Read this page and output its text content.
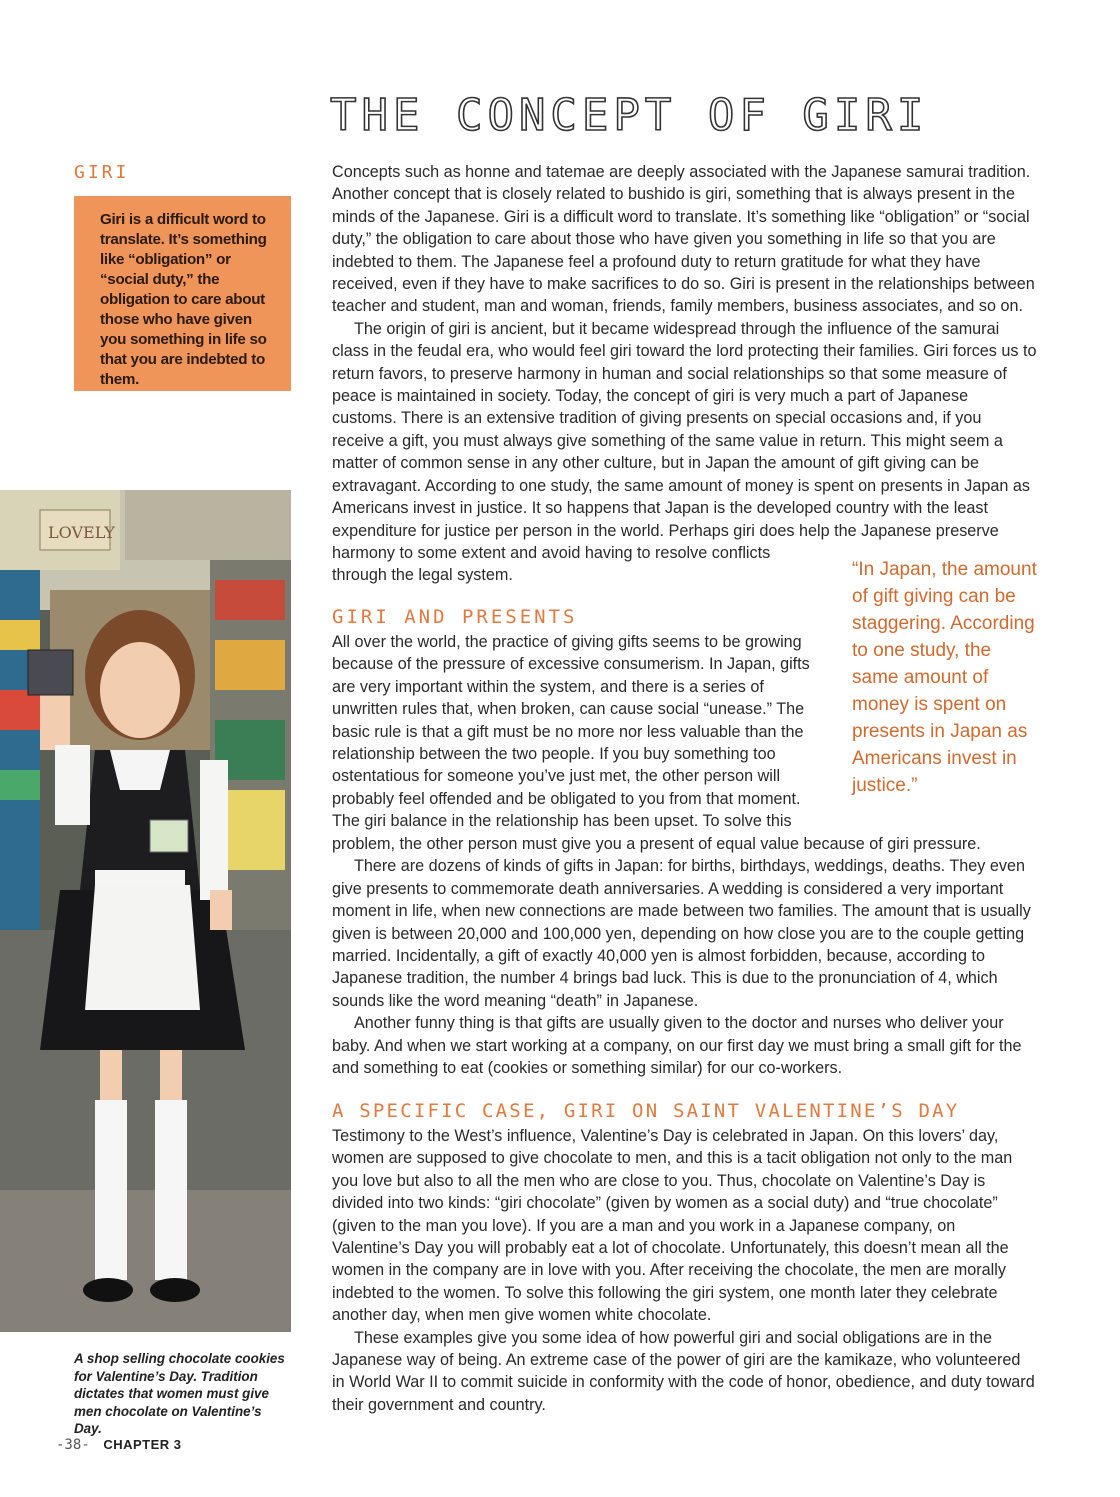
THE CONCEPT OF GIRI
GIRI

Giri is a difficult word to translate. It’s something like “obligation” or “social duty,” the obligation to care about those who have given you something in life so that you are indebted to them.

LOVELY

A shop selling chocolate cookies for Valentine’s Day. Tradition dictates that women must give men chocolate on Valentine’s Day.

Concepts such as honne and tatemae are deeply associated with the Japanese samurai tradition. Another concept that is closely related to bushido is giri, something that is always present in the minds of the Japanese. Giri is a difficult word to translate. It’s something like “obligation” or “social duty,” the obligation to care about those who have given you something in life so that you are indebted to them. The Japanese feel a profound duty to return gratitude for what they have received, even if they have to make sacrifices to do so. Giri is present in the relationships between teacher and student, man and woman, friends, family members, business associates, and so on.

The origin of giri is ancient, but it became widespread through the influence of the samurai class in the feudal era, who would feel giri toward the lord protecting their families. Giri forces us to return favors, to preserve harmony in human and social relationships so that some measure of peace is maintained in society. Today, the concept of giri is very much a part of Japanese customs. There is an extensive tradition of giving presents on special occasions and, if you receive a gift, you must always give something of the same value in return. This might seem a matter of common sense in any other culture, but in Japan the amount of gift giving can be extravagant. According to one study, the same amount of money is spent on presents in Japan as Americans invest in justice. It so happens that Japan is the developed country with the least expenditure for justice per person in the world. Perhaps giri does help the Japanese preserve

harmony to some extent and avoid having to resolve conflicts through the legal system.

GIRI AND PRESENTS

All over the world, the practice of giving gifts seems to be growing because of the pressure of excessive consumerism. In Japan, gifts are very important within the system, and there is a series of unwritten rules that, when broken, can cause social “unease.” The basic rule is that a gift must be no more nor less valuable than the relationship between the two people. If you buy something too ostentatious for someone you’ve just met, the other person will probably feel offended and be obligated to you from that moment. The giri balance in the relationship has been upset. To solve this

problem, the other person must give you a present of equal value because of giri pressure.

There are dozens of kinds of gifts in Japan: for births, birthdays, weddings, deaths. They even give presents to commemorate death anniversaries. A wedding is considered a very important moment in life, when new connections are made between two families. The amount that is usually given is between 20,000 and 100,000 yen, depending on how close you are to the couple getting married. Incidentally, a gift of exactly 40,000 yen is almost forbidden, because, according to Japanese tradition, the number 4 brings bad luck. This is due to the pronunciation of 4, which sounds like the word meaning “death” in Japanese.

Another funny thing is that gifts are usually given to the doctor and nurses who deliver your baby. And when we start working at a company, on our first day we must bring a small gift for the and something to eat (cookies or something similar) for our co-workers.

A SPECIFIC CASE, GIRI ON SAINT VALENTINE’S DAY

Testimony to the West’s influence, Valentine’s Day is celebrated in Japan. On this lovers’ day, women are supposed to give chocolate to men, and this is a tacit obligation not only to the man you love but also to all the men who are close to you. Thus, chocolate on Valentine’s Day is divided into two kinds: “giri chocolate” (given by women as a social duty) and “true chocolate” (given to the man you love). If you are a man and you work in a Japanese company, on Valentine’s Day you will probably eat a lot of chocolate. Unfortunately, this doesn’t mean all the women in the company are in love with you. After receiving the chocolate, the men are morally indebted to the women. To solve this following the giri system, one month later they celebrate another day, when men give women white chocolate.

These examples give you some idea of how powerful giri and social obligations are in the Japanese way of being. An extreme case of the power of giri are the kamikaze, who volunteered in World War II to commit suicide in conformity with the code of honor, obedience, and duty toward their government and country.

“In Japan, the amount of gift giving can be staggering. According to one study, the same amount of money is spent on presents in Japan as Americans invest in justice.”

-38- CHAPTER 3
